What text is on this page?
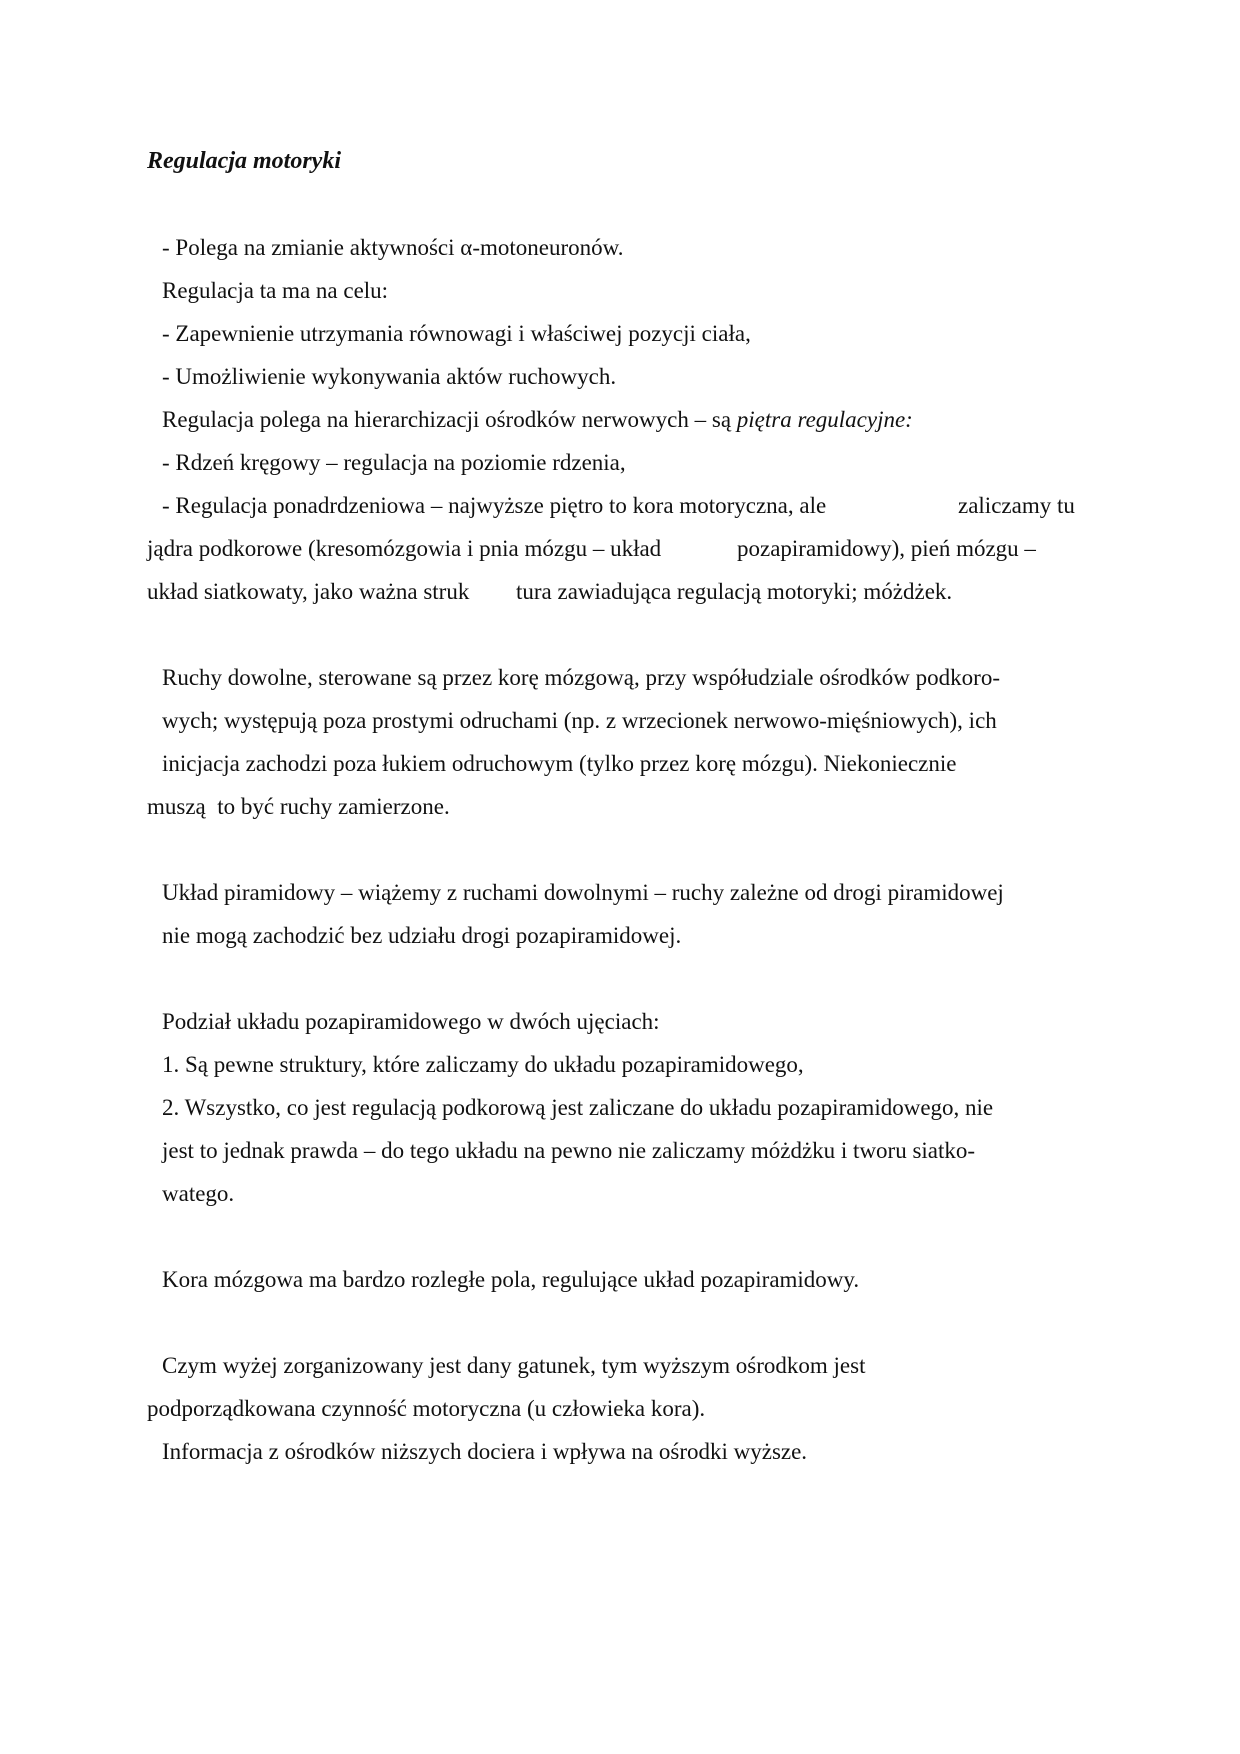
Regulacja motoryki
- Polega na zmianie aktywności α-motoneuronów.
Regulacja ta ma na celu:
- Zapewnienie utrzymania równowagi i właściwej pozycji ciała,
- Umożliwienie wykonywania aktów ruchowych.
Regulacja polega na hierarchizacji ośrodków nerwowych – są piętra regulacyjne:
- Rdzeń kręgowy – regulacja na poziomie rdzenia,
- Regulacja ponadrdzeniowa – najwyższe piętro to kora motoryczna, ale	zaliczamy tu
jądra podkorowe (kresomózgowia i pnia mózgu – układ	pozapiramidowy), pień mózgu –
układ siatkowaty, jako ważna struk tura zawiadująca regulacją motoryki; móżdżek.
Ruchy dowolne, sterowane są przez korę mózgową, przy współudziale ośrodków podkoro-
wych; występują poza prostymi odruchami (np. z wrzecionek nerwowo-mięśniowych), ich
inicjacja zachodzi poza łukiem odruchowym (tylko przez korę mózgu). Niekoniecznie
muszą  to być ruchy zamierzone.
Układ piramidowy – wiążemy z ruchami dowolnymi – ruchy zależne od drogi piramidowej
nie mogą zachodzić bez udziału drogi pozapiramidowej.
Podział układu pozapiramidowego w dwóch ujęciach:
1. Są pewne struktury, które zaliczamy do układu pozapiramidowego,
2. Wszystko, co jest regulacją podkorową jest zaliczane do układu pozapiramidowego, nie
jest to jednak prawda – do tego układu na pewno nie zaliczamy móżdżku i tworu siatko-
watego.
Kora mózgowa ma bardzo rozległe pola, regulujące układ pozapiramidowy.
Czym wyżej zorganizowany jest dany gatunek, tym wyższym ośrodkom jest
podporządkowana czynność motoryczna (u człowieka kora).
Informacja z ośrodków niższych dociera i wpływa na ośrodki wyższe.
